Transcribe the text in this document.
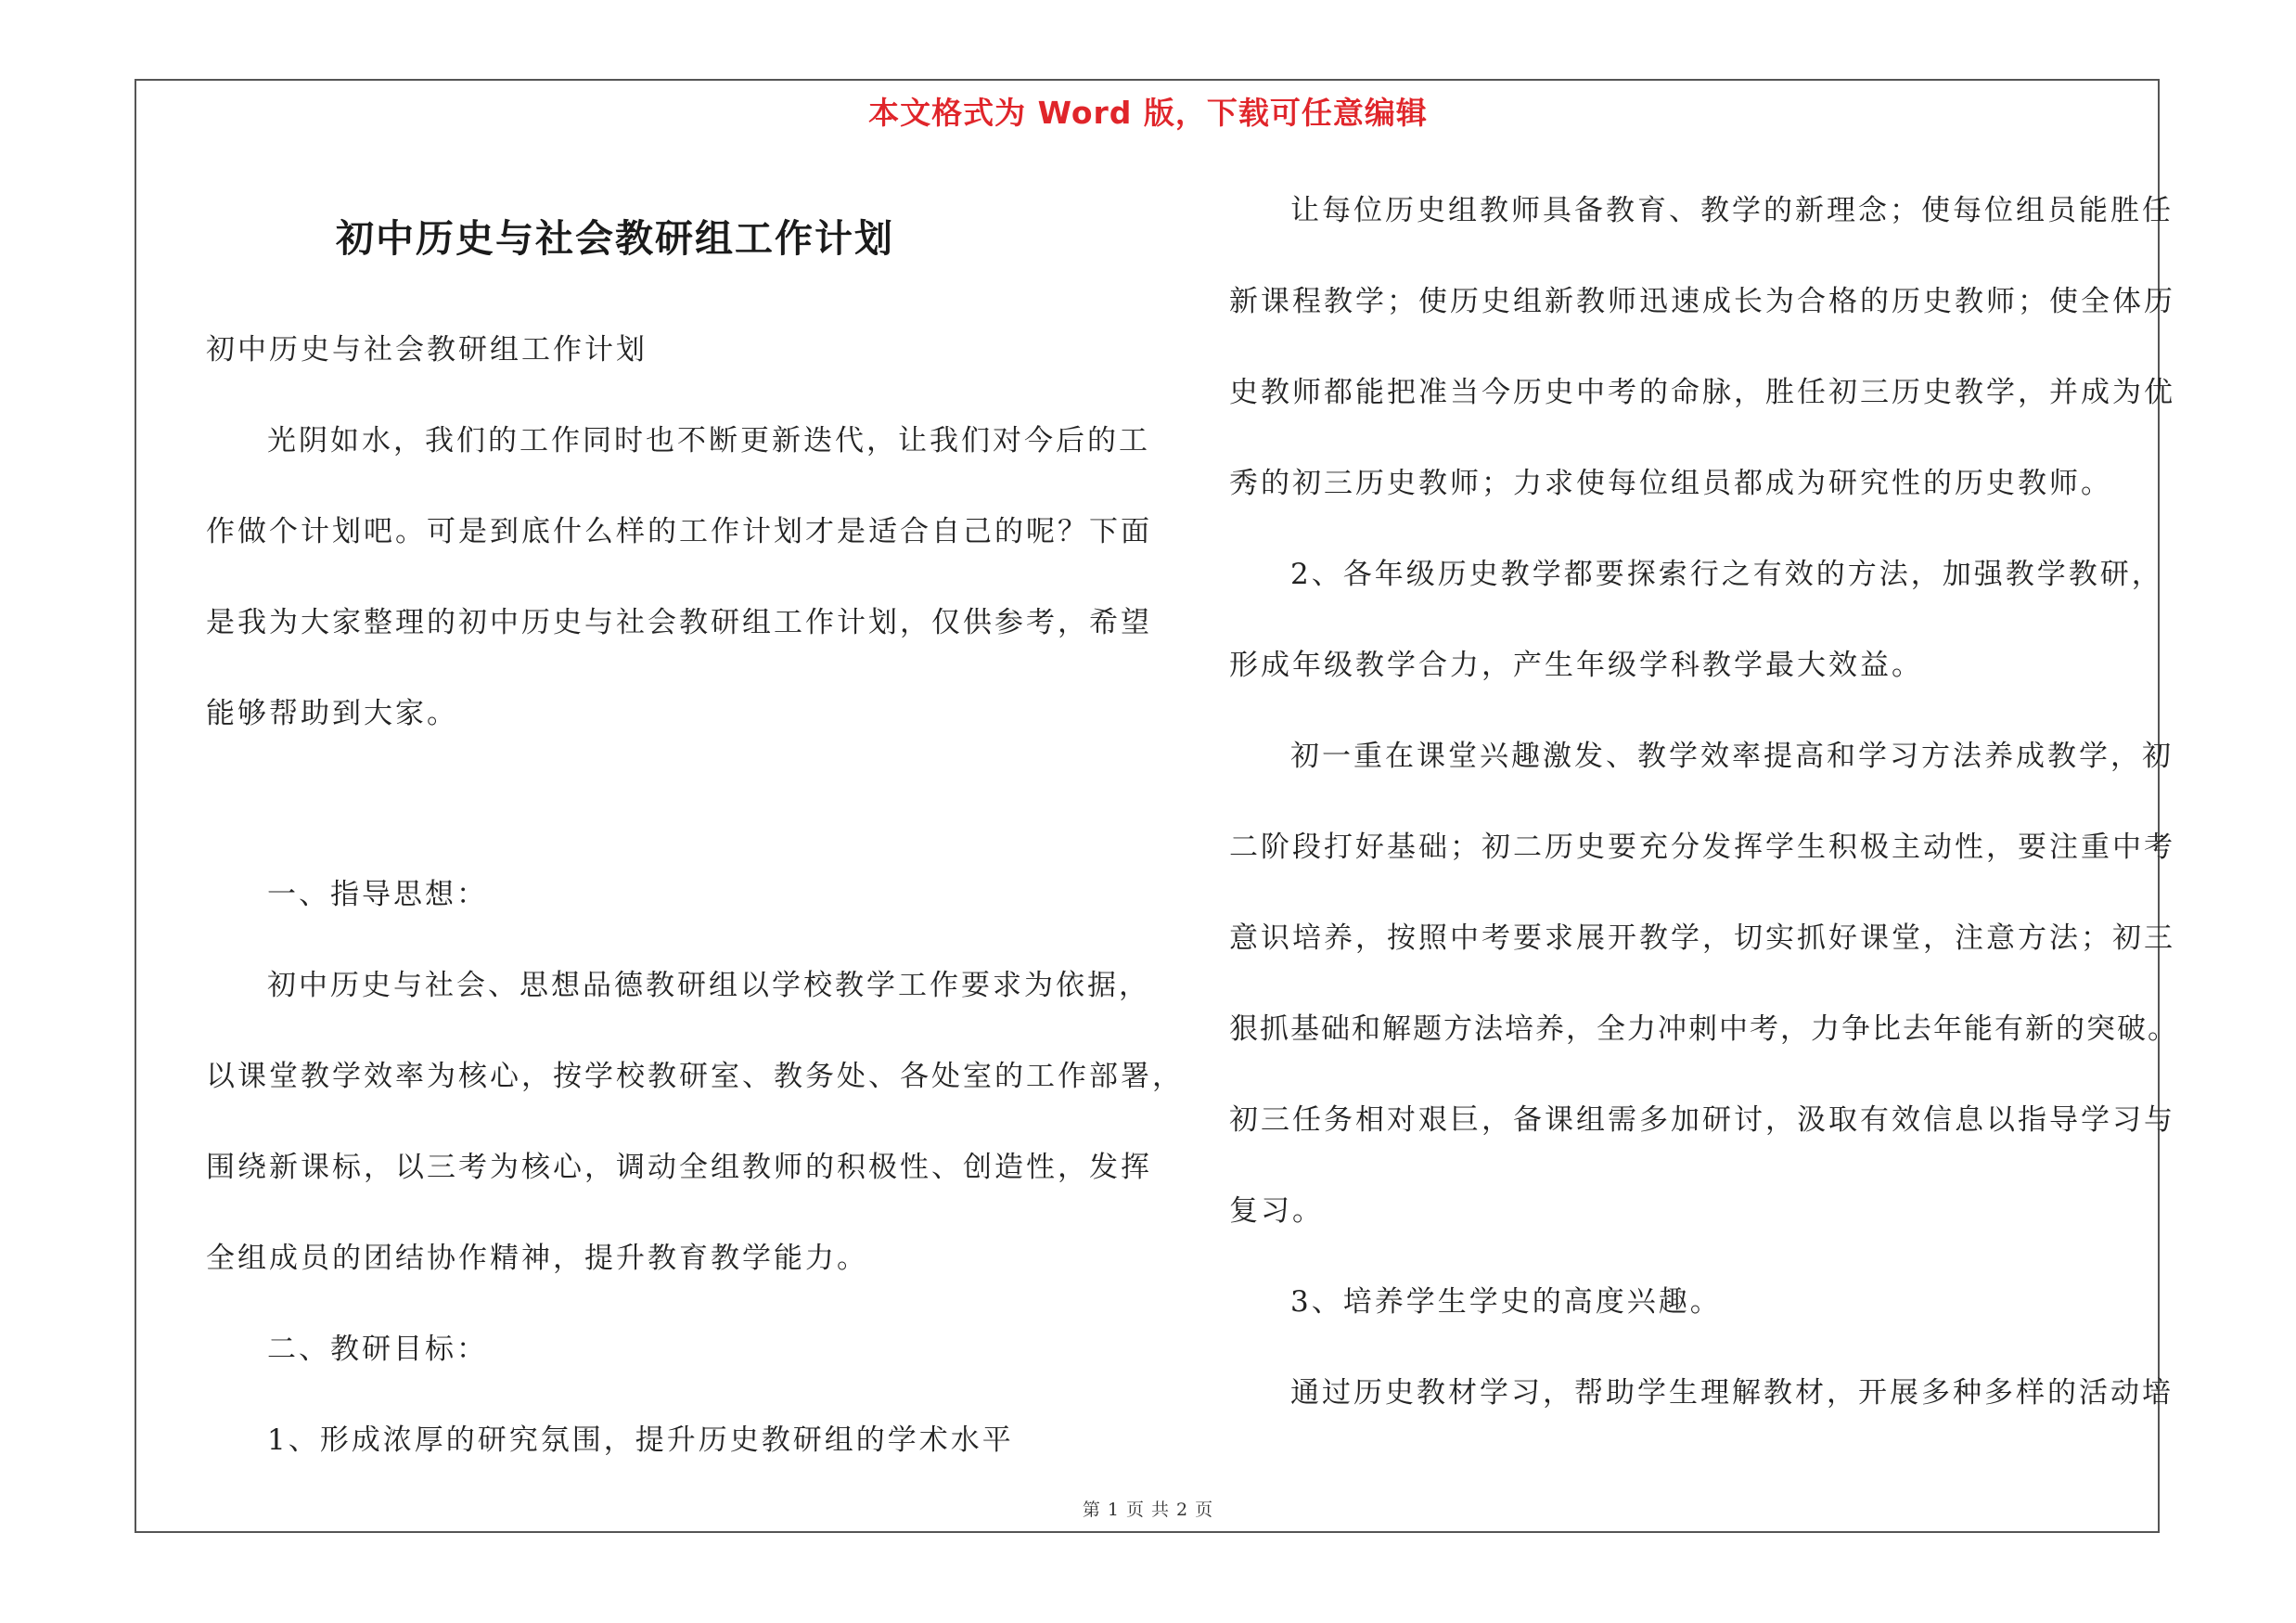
本文格式为 Word 版，下载可任意编辑
初中历史与社会教研组工作计划
初中历史与社会教研组工作计划
光阴如水，我们的工作同时也不断更新迭代，让我们对今后的工
作做个计划吧。可是到底什么样的工作计划才是适合自己的呢？下面
是我为大家整理的初中历史与社会教研组工作计划，仅供参考，希望
能够帮助到大家。
一、指导思想：
初中历史与社会、思想品德教研组以学校教学工作要求为依据，
以课堂教学效率为核心，按学校教研室、教务处、各处室的工作部署，
围绕新课标，以三考为核心，调动全组教师的积极性、创造性，发挥
全组成员的团结协作精神，提升教育教学能力。
二、教研目标：
1、形成浓厚的研究氛围，提升历史教研组的学术水平
让每位历史组教师具备教育、教学的新理念；使每位组员能胜任
新课程教学；使历史组新教师迅速成长为合格的历史教师；使全体历
史教师都能把准当今历史中考的命脉，胜任初三历史教学，并成为优
秀的初三历史教师；力求使每位组员都成为研究性的历史教师。
2、各年级历史教学都要探索行之有效的方法，加强教学教研，
形成年级教学合力，产生年级学科教学最大效益。
初一重在课堂兴趣激发、教学效率提高和学习方法养成教学，初
二阶段打好基础；初二历史要充分发挥学生积极主动性，要注重中考
意识培养，按照中考要求展开教学，切实抓好课堂，注意方法；初三
狠抓基础和解题方法培养，全力冲刺中考，力争比去年能有新的突破。
初三任务相对艰巨，备课组需多加研讨，汲取有效信息以指导学习与
复习。
3、培养学生学史的高度兴趣。
通过历史教材学习，帮助学生理解教材，开展多种多样的活动培
第 1 页 共 2 页
